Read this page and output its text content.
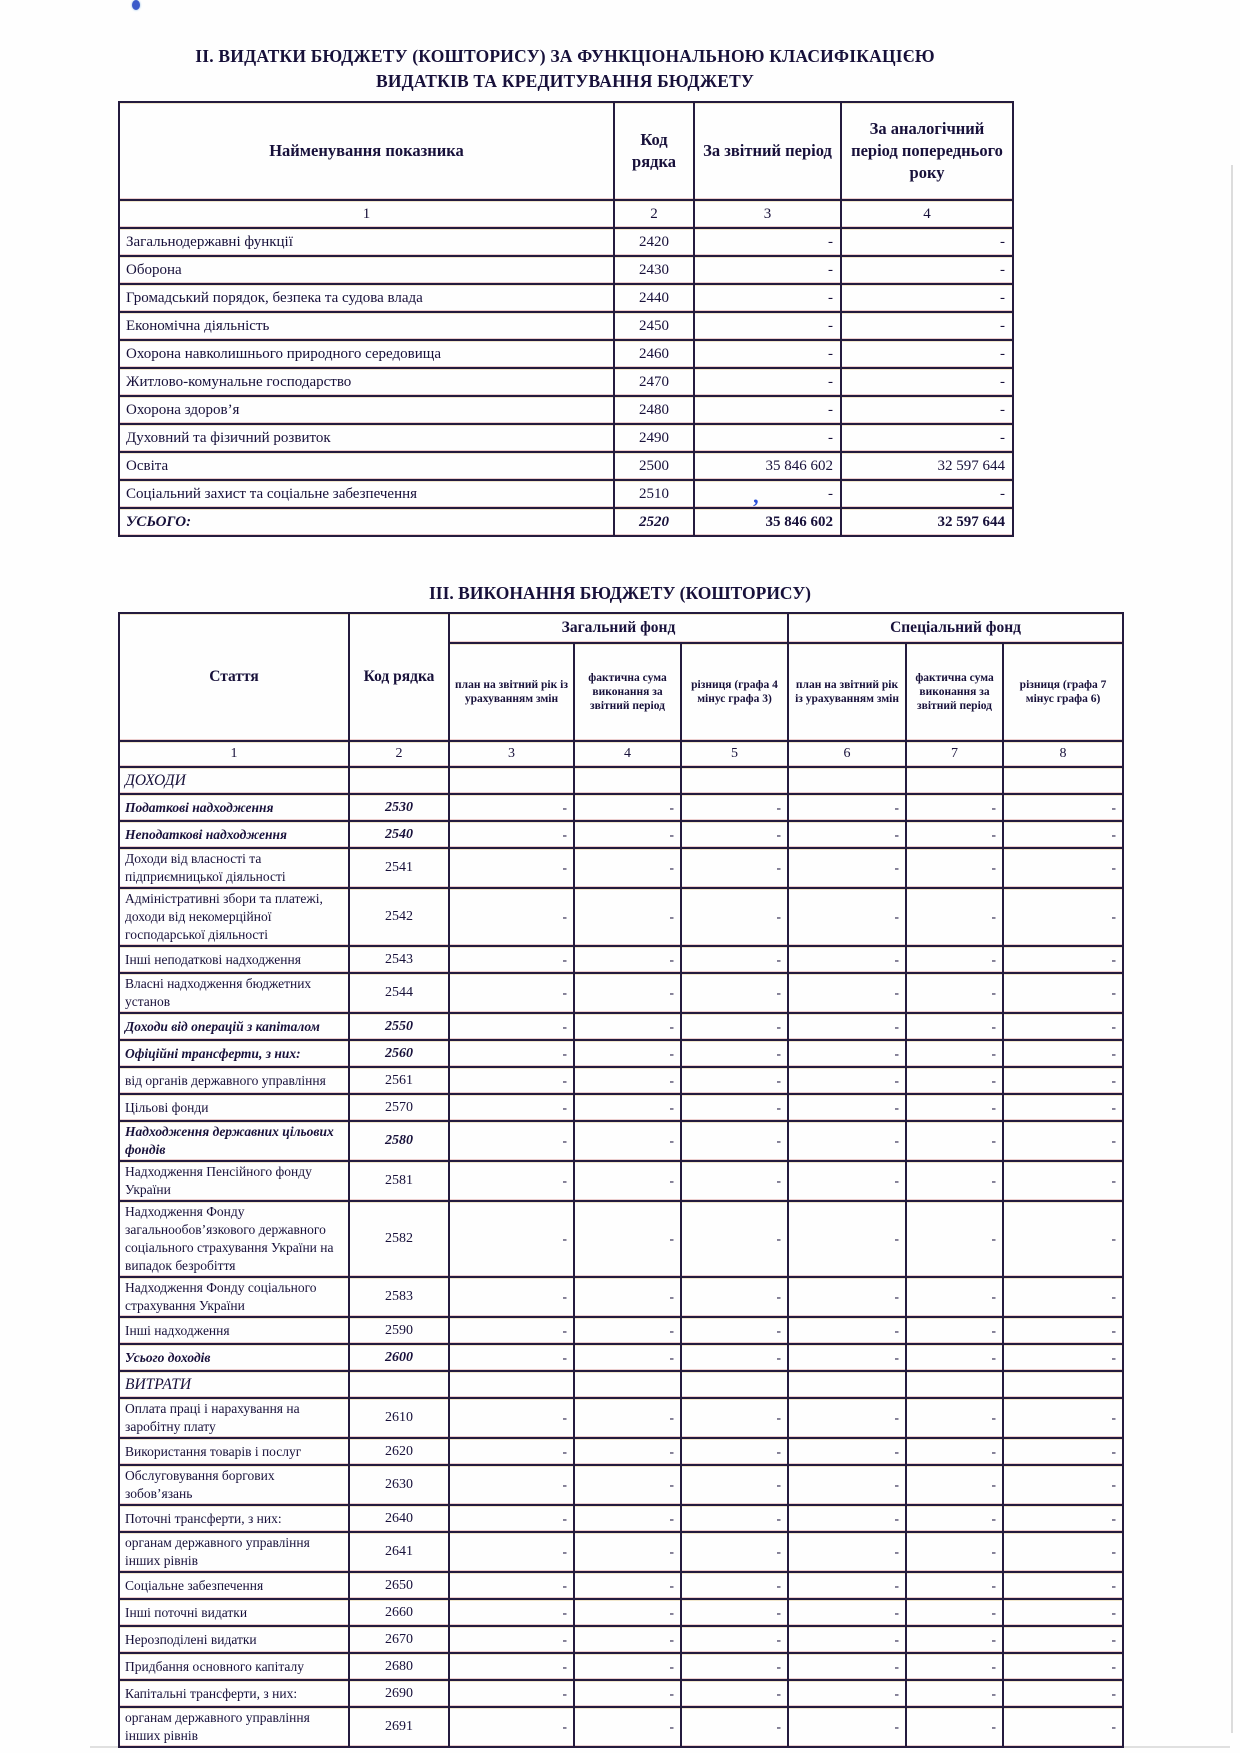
’
ІІ. ВИДАТКИ БЮДЖЕТУ (КОШТОРИСУ) ЗА ФУНКЦІОНАЛЬНОЮ КЛАСИФІКАЦІЄЮ
ВИДАТКІВ ТА КРЕДИТУВАННЯ БЮДЖЕТУ
Найменування показника	Код рядка	За звітний період	За аналогічний період попереднього року
1	2	3	4
Загальнодержавні функції	2420	-	-
Оборона	2430	-	-
Громадський порядок, безпека та судова влада	2440	-	-
Економічна діяльність	2450	-	-
Охорона навколишнього природного середовища	2460	-	-
Житлово-комунальне господарство	2470	-	-
Охорона здоров’я	2480	-	-
Духовний та фізичний розвиток	2490	-	-
Освіта	2500	35 846 602	32 597 644
Соціальний захист та соціальне забезпечення	2510	-	-
УСЬОГО:	2520	35 846 602	32 597 644
ІІІ. ВИКОНАННЯ БЮДЖЕТУ (КОШТОРИСУ)
Стаття	Код рядка	Загальний фонд			Спеціальний фонд		
		план на звітний рік із урахуванням змін	фактична сума виконання за звітний період	різниця (графа 4 мінус графа 3)	план на звітний рік із урахуванням змін	фактична сума виконання за звітний період	різниця (графа 7 мінус графа 6)
1	2	3	4	5	6	7	8
ДОХОДИ							
Податкові надходження	2530	-	-	-	-	-	-
Неподаткові надходження	2540	-	-	-	-	-	-
Доходи від власності та підприємницької діяльності	2541	-	-	-	-	-	-
Адміністративні збори та платежі, доходи від некомерційної господарської діяльності	2542	-	-	-	-	-	-
Інші неподаткові надходження	2543	-	-	-	-	-	-
Власні надходження бюджетних установ	2544	-	-	-	-	-	-
Доходи від операцій з капіталом	2550	-	-	-	-	-	-
Офіційні трансферти, з них:	2560	-	-	-	-	-	-
від органів державного управління	2561	-	-	-	-	-	-
Цільові фонди	2570	-	-	-	-	-	-
Надходження державних цільових фондів	2580	-	-	-	-	-	-
Надходження Пенсійного фонду України	2581	-	-	-	-	-	-
Надходження Фонду загальнообов’язкового державного соціального страхування України на випадок безробіття	2582	-	-	-	-	-	-
Надходження Фонду соціального страхування України	2583	-	-	-	-	-	-
Інші надходження	2590	-	-	-	-	-	-
Усього доходів	2600	-	-	-	-	-	-
ВИТРАТИ							
Оплата праці і нарахування на заробітну плату	2610	-	-	-	-	-	-
Використання товарів і послуг	2620	-	-	-	-	-	-
Обслуговування боргових зобов’язань	2630	-	-	-	-	-	-
Поточні трансферти, з них:	2640	-	-	-	-	-	-
органам державного управління інших рівнів	2641	-	-	-	-	-	-
Соціальне забезпечення	2650	-	-	-	-	-	-
Інші поточні видатки	2660	-	-	-	-	-	-
Нерозподілені видатки	2670	-	-	-	-	-	-
Придбання основного капіталу	2680	-	-	-	-	-	-
Капітальні трансферти, з них:	2690	-	-	-	-	-	-
органам державного управління інших рівнів	2691	-	-	-	-	-	-
